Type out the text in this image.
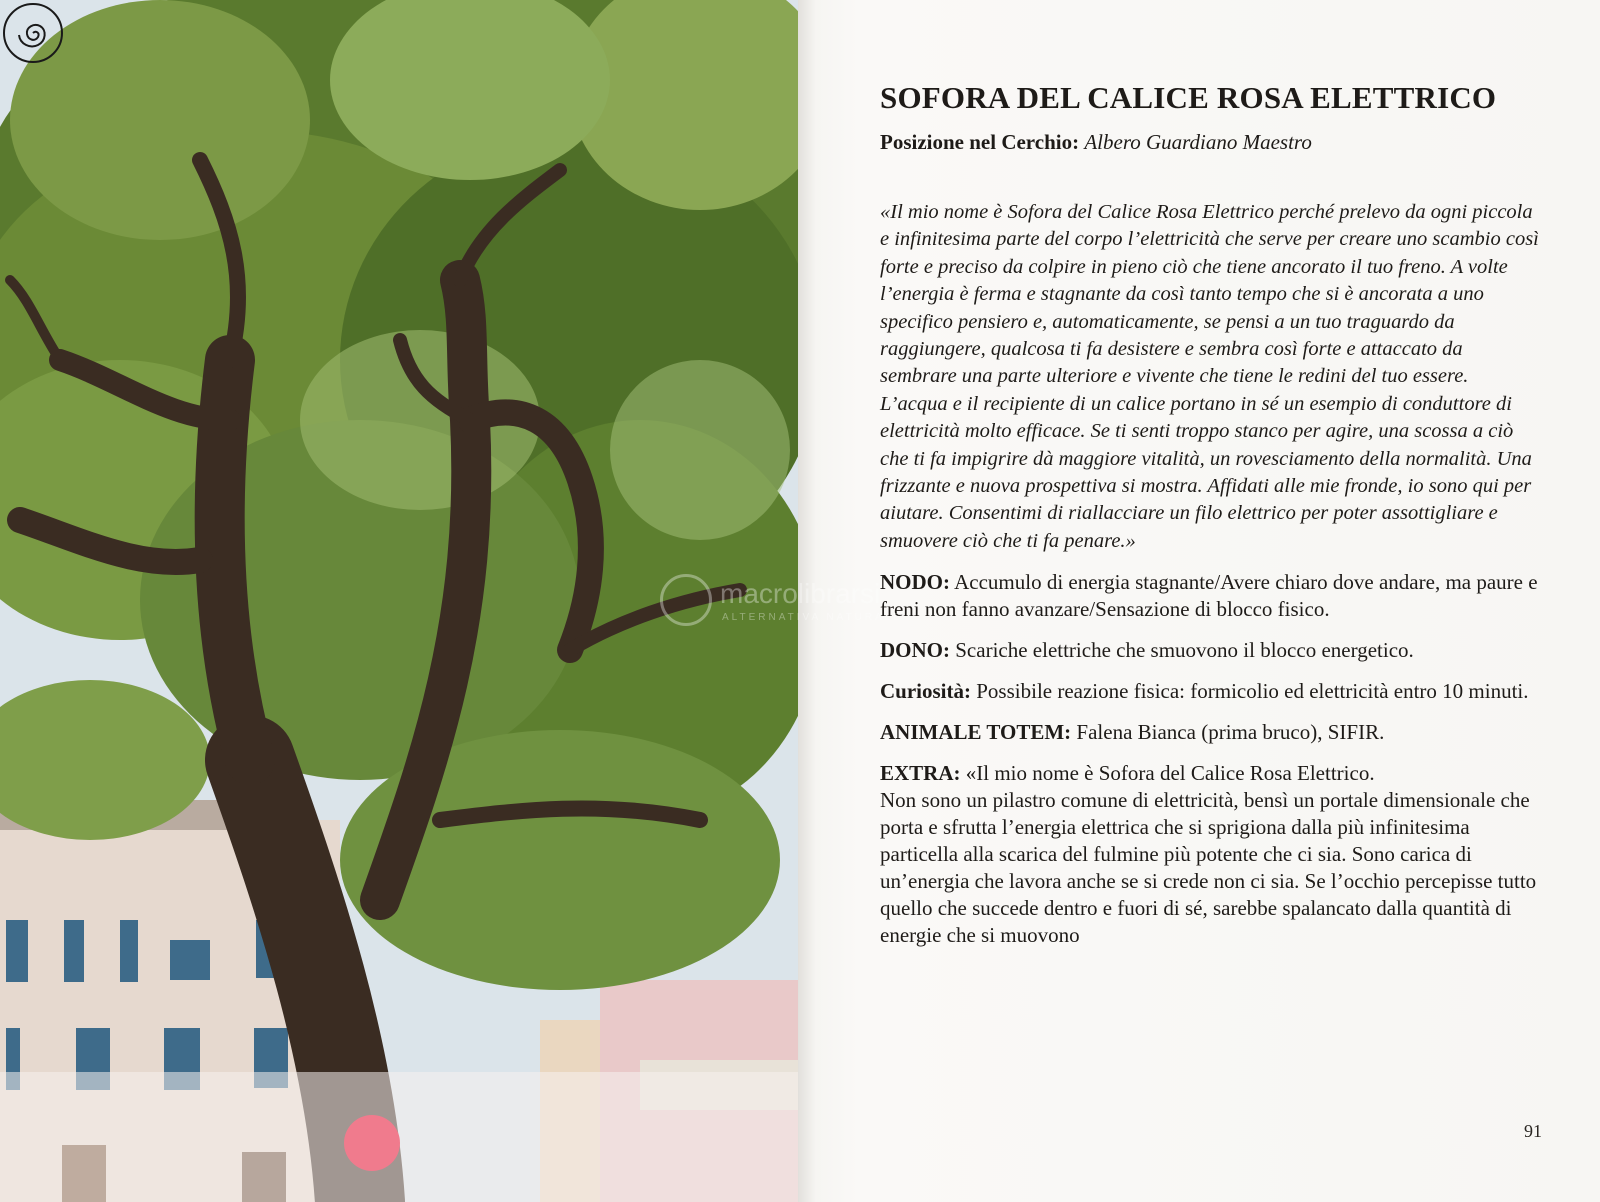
SOFORA DEL CALICE ROSA ELETTRICO
Posizione nel Cerchio: Albero Guardiano Maestro

«Il mio nome è Sofora del Calice Rosa Elettrico perché prelevo da ogni piccola e infinitesima parte del corpo l’elettricità che serve per creare uno scambio così forte e preciso da colpire in pieno ciò che tiene ancorato il tuo freno. A volte l’energia è ferma e stagnante da così tanto tempo che si è ancorata a uno specifico pensiero e, automaticamente, se pensi a un tuo traguardo da raggiungere, qualcosa ti fa desistere e sembra così forte e attaccato da sembrare una parte ulteriore e vivente che tiene le redini del tuo essere.

L’acqua e il recipiente di un calice portano in sé un esempio di conduttore di elettricità molto efficace. Se ti senti troppo stanco per agire, una scossa a ciò che ti fa impigrire dà maggiore vitalità, un rovesciamento della normalità. Una frizzante e nuova prospettiva si mostra. Affidati alle mie fronde, io sono qui per aiutare. Consentimi di riallacciare un filo elettrico per poter assottigliare e smuovere ciò che ti fa penare.»

NODO: Accumulo di energia stagnante/Avere chiaro dove andare, ma paure e freni non fanno avanzare/Sensazione di blocco fisico.
DONO: Scariche elettriche che smuovono il blocco energetico.
Curiosità: Possibile reazione fisica: formicolio ed elettricità entro 10 minuti.
ANIMALE TOTEM: Falena Bianca (prima bruco), SIFIR.
EXTRA: «Il mio nome è Sofora del Calice Rosa Elettrico.
Non sono un pilastro comune di elettricità, bensì un portale dimensionale che porta e sfrutta l’energia elettrica che si sprigiona dalla più infinitesima particella alla scarica del fulmine più potente che ci sia. Sono carica di un’energia che lavora anche se si crede non ci sia. Se l’occhio percepisse tutto quello che succede dentro e fuori di sé, sarebbe spalancato dalla quantità di energie che si muovono
91
macrolibrarsi
ALTERNATIVA NATURALE
